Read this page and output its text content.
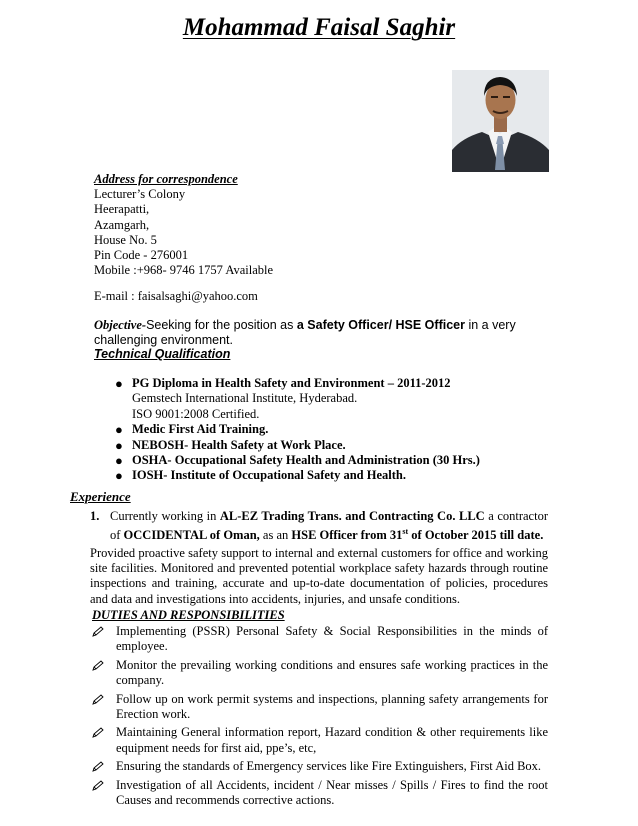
Mohammad Faisal Saghir
Address for correspondence
Lecturer’s Colony
Heerapatti,
Azamgarh,
House No. 5
Pin Code - 276001
Mobile :+968- 9746 1757 Available
E-mail : faisalsaghi@yahoo.com
Objective-Seeking for the position as a Safety Officer/ HSE Officer in a very challenging environment.
Technical Qualification
● PG Diploma in Health Safety and Environment – 2011-2012
Gemstech International Institute, Hyderabad.
ISO 9001:2008 Certified.
● Medic First Aid Training.
● NEBOSH- Health Safety at Work Place.
● OSHA- Occupational Safety Health and Administration (30 Hrs.)
● IOSH- Institute of Occupational Safety and Health.
Experience
1. Currently working in AL-EZ Trading Trans. and Contracting Co. LLC a contractor of OCCIDENTAL of Oman, as an HSE Officer from 31st of October 2015 till date.
Provided proactive safety support to internal and external customers for office and working site facilities. Monitored and prevented potential workplace safety hazards through routine inspections and training, accurate and up-to-date documentation of policies, procedures and data and investigations into accidents, injuries, and unsafe conditions.
DUTIES AND RESPONSIBILITIES
Implementing (PSSR) Personal Safety & Social Responsibilities in the minds of employee.
Monitor the prevailing working conditions and ensures safe working practices in the company.
Follow up on work permit systems and inspections, planning safety arrangements for Erection work.
Maintaining General information report, Hazard condition & other requirements like equipment needs for first aid, ppe’s, etc,
Ensuring the standards of Emergency services like Fire Extinguishers, First Aid Box.
Investigation of all Accidents, incident / Near misses / Spills / Fires to find the root Causes and recommends corrective actions.
